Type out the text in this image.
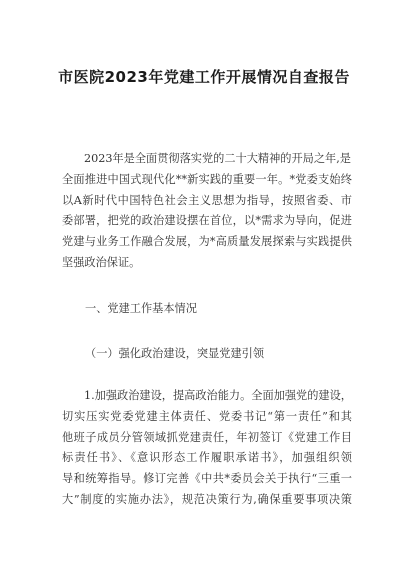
市医院2023年党建工作开展情况自查报告
2023年是全面贯彻落实党的二十大精神的开局之年,是
全面推进中国式现代化**新实践的重要一年。*党委支始终
以A新时代中国特色社会主义思想为指导，按照省委、市
委部署，把党的政治建设摆在首位，以*需求为导向，促进
党建与业务工作融合发展，为*高质量发展探索与实践提供
坚强政治保证。
一、党建工作基本情况
（一）强化政治建设，突显党建引领
1.加强政治建设，提高政治能力。全面加强党的建设，
切实压实党委党建主体责任、党委书记“第一责任”和其
他班子成员分管领域抓党建责任，年初签订《党建工作目
标责任书》、《意识形态工作履职承诺书》，加强组织领
导和统筹指导。修订完善《中共*委员会关于执行“三重一
大”制度的实施办法》，规范决策行为,确保重要事项决策
